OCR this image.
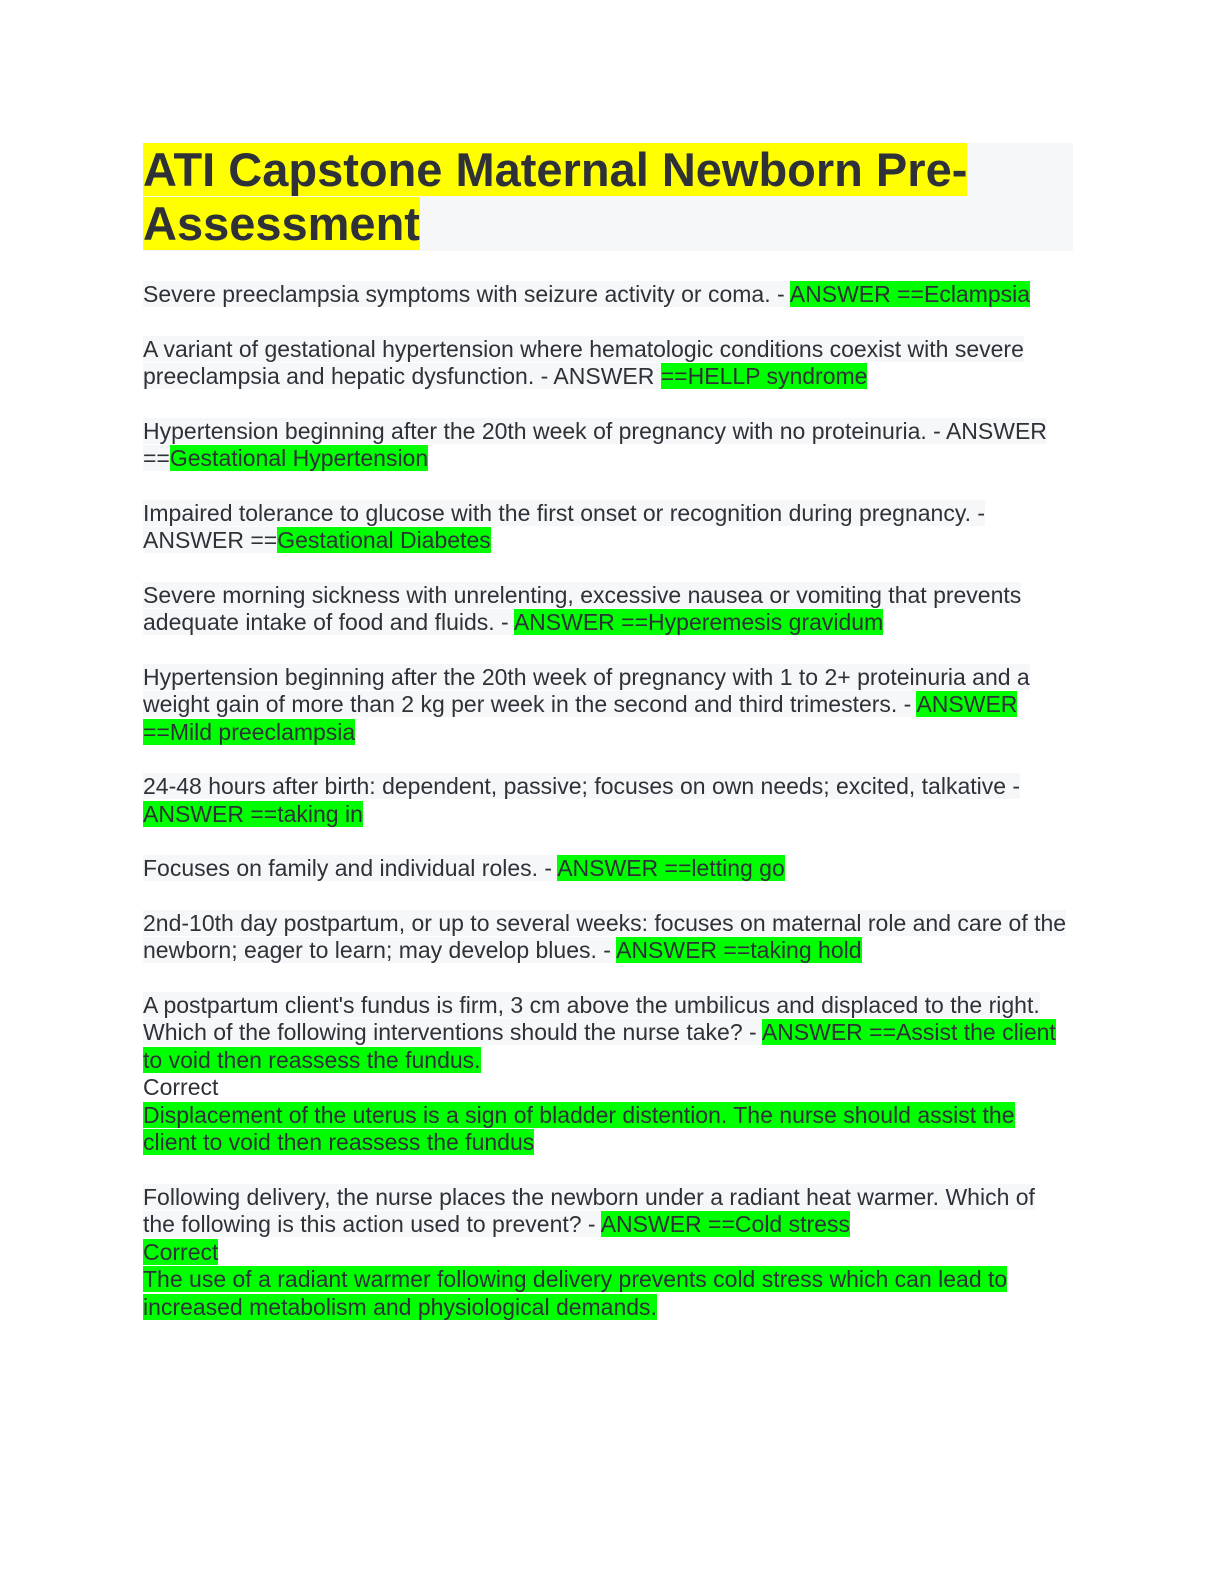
ATI Capstone Maternal Newborn Pre-
Assessment

Severe preeclampsia symptoms with seizure activity or coma. - ANSWER ==Eclampsia

A variant of gestational hypertension where hematologic conditions coexist with severe preeclampsia and hepatic dysfunction. - ANSWER ==HELLP syndrome

Hypertension beginning after the 20th week of pregnancy with no proteinuria. - ANSWER ==Gestational Hypertension

Impaired tolerance to glucose with the first onset or recognition during pregnancy. - ANSWER ==Gestational Diabetes

Severe morning sickness with unrelenting, excessive nausea or vomiting that prevents adequate intake of food and fluids. - ANSWER ==Hyperemesis gravidum

Hypertension beginning after the 20th week of pregnancy with 1 to 2+ proteinuria and a weight gain of more than 2 kg per week in the second and third trimesters. - ANSWER ==Mild preeclampsia

24-48 hours after birth: dependent, passive; focuses on own needs; excited, talkative - ANSWER ==taking in

Focuses on family and individual roles. - ANSWER ==letting go

2nd-10th day postpartum, or up to several weeks: focuses on maternal role and care of the newborn; eager to learn; may develop blues. - ANSWER ==taking hold

A postpartum client's fundus is firm, 3 cm above the umbilicus and displaced to the right. Which of the following interventions should the nurse take? - ANSWER ==Assist the client to void then reassess the fundus.
Correct
Displacement of the uterus is a sign of bladder distention. The nurse should assist the client to void then reassess the fundus

Following delivery, the nurse places the newborn under a radiant heat warmer. Which of the following is this action used to prevent? - ANSWER ==Cold stress
Correct
The use of a radiant warmer following delivery prevents cold stress which can lead to increased metabolism and physiological demands.
